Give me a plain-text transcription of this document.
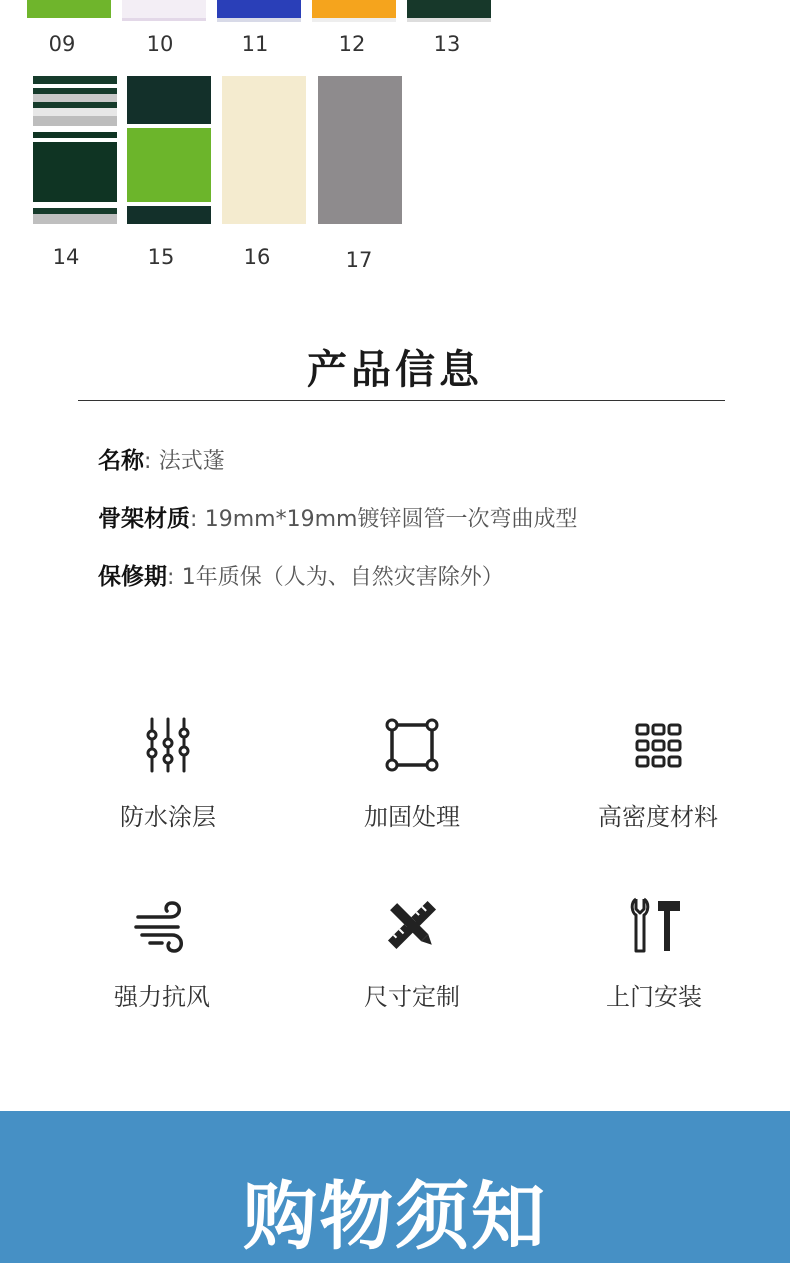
09	10	11	12	13
14	15	16	17
产品信息
名称: 法式蓬
骨架材质: 19mm*19mm镀锌圆管一次弯曲成型
保修期: 1年质保（人为、自然灾害除外）
防水涂层	加固处理	高密度材料
强力抗风	尺寸定制	上门安装
购物须知
